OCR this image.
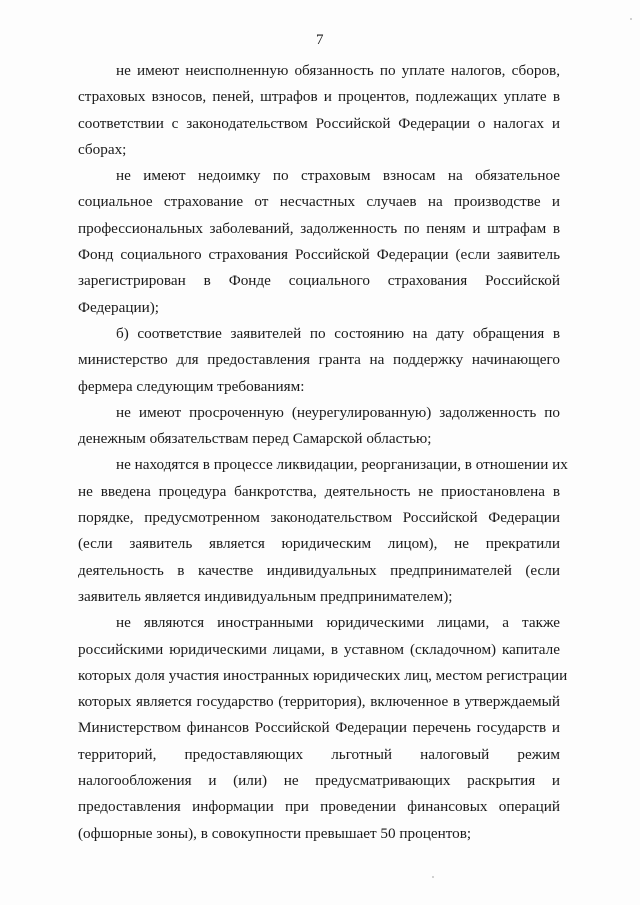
7

не имеют неисполненную обязанность по уплате налогов, сборов,
страховых взносов, пеней, штрафов и процентов, подлежащих уплате в
соответствии с законодательством Российской Федерации о налогах и
сборах;

не имеют недоимку по страховым взносам на обязательное
социальное страхование от несчастных случаев на производстве и
профессиональных заболеваний, задолженность по пеням и штрафам в
Фонд социального страхования Российской Федерации (если заявитель
зарегистрирован в Фонде социального страхования Российской
Федерации);

б) соответствие заявителей по состоянию на дату обращения в
министерство для предоставления гранта на поддержку начинающего
фермера следующим требованиям:

не имеют просроченную (неурегулированную) задолженность по
денежным обязательствам перед Самарской областью;

не находятся в процессе ликвидации, реорганизации, в отношении их
не введена процедура банкротства, деятельность не приостановлена в
порядке, предусмотренном законодательством Российской Федерации
(если заявитель является юридическим лицом), не прекратили
деятельность в качестве индивидуальных предпринимателей (если
заявитель является индивидуальным предпринимателем);

не являются иностранными юридическими лицами, а также
российскими юридическими лицами, в уставном (складочном) капитале
которых доля участия иностранных юридических лиц, местом регистрации
которых является государство (территория), включенное в утверждаемый
Министерством финансов Российской Федерации перечень государств и
территорий, предоставляющих льготный налоговый режим
налогообложения и (или) не предусматривающих раскрытия и
предоставления информации при проведении финансовых операций
(офшорные зоны), в совокупности превышает 50 процентов;
